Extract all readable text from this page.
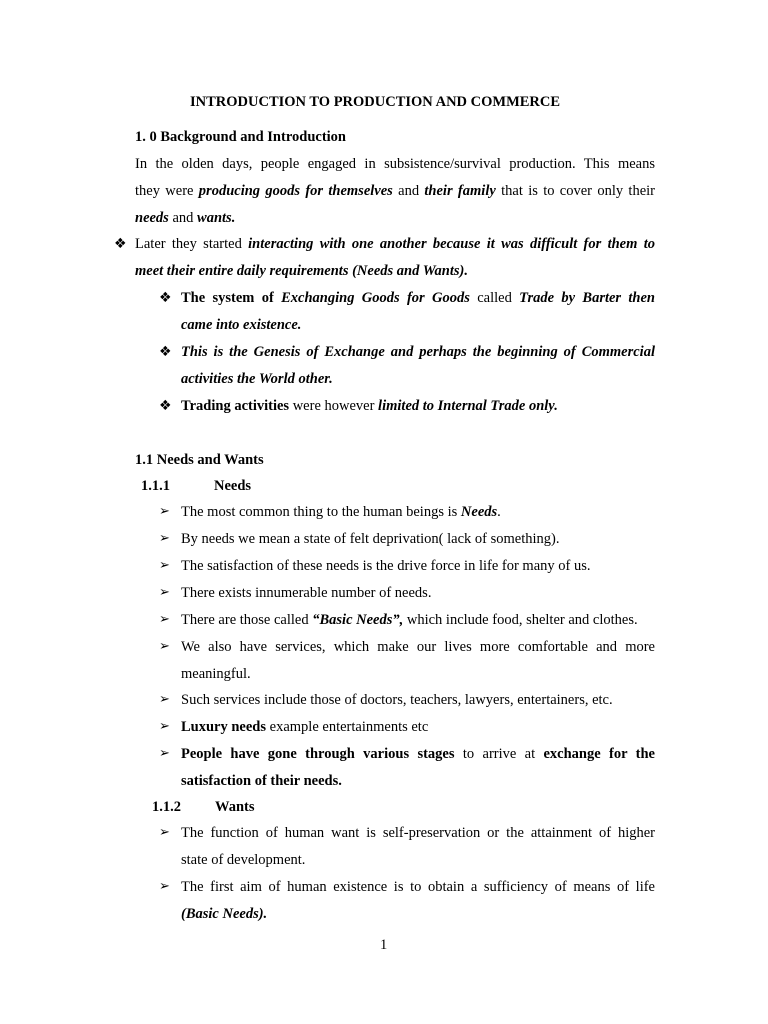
INTRODUCTION TO PRODUCTION AND COMMERCE
1. 0 Background and Introduction
In the olden days, people engaged in subsistence/survival production. This means
they were producing goods for themselves and their family that is to cover only their
needs and wants.
❖ Later they started interacting with one another because it was difficult for them to
meet their entire daily requirements (Needs and Wants).
❖ The system of Exchanging Goods for Goods called Trade by Barter then
came into existence.
❖ This is the Genesis of Exchange and perhaps the beginning of Commercial
activities the World other.
❖ Trading activities were however limited to Internal Trade only.
1.1 Needs and Wants
1.1.1	Needs
➢ The most common thing to the human beings is Needs.
➢ By needs we mean a state of felt deprivation( lack of something).
➢ The satisfaction of these needs is the drive force in life for many of us.
➢ There exists innumerable number of needs.
➢ There are those called “Basic Needs”, which include food, shelter and clothes.
➢ We also have services, which make our lives more comfortable and more
meaningful.
➢ Such services include those of doctors, teachers, lawyers, entertainers, etc.
➢ Luxury needs example entertainments etc
➢ People have gone through various stages to arrive at exchange for the
satisfaction of their needs.
1.1.2 Wants
➢ The function of human want is self-preservation or the attainment of higher
state of development.
➢ The first aim of human existence is to obtain a sufficiency of means of life
(Basic Needs).
1
